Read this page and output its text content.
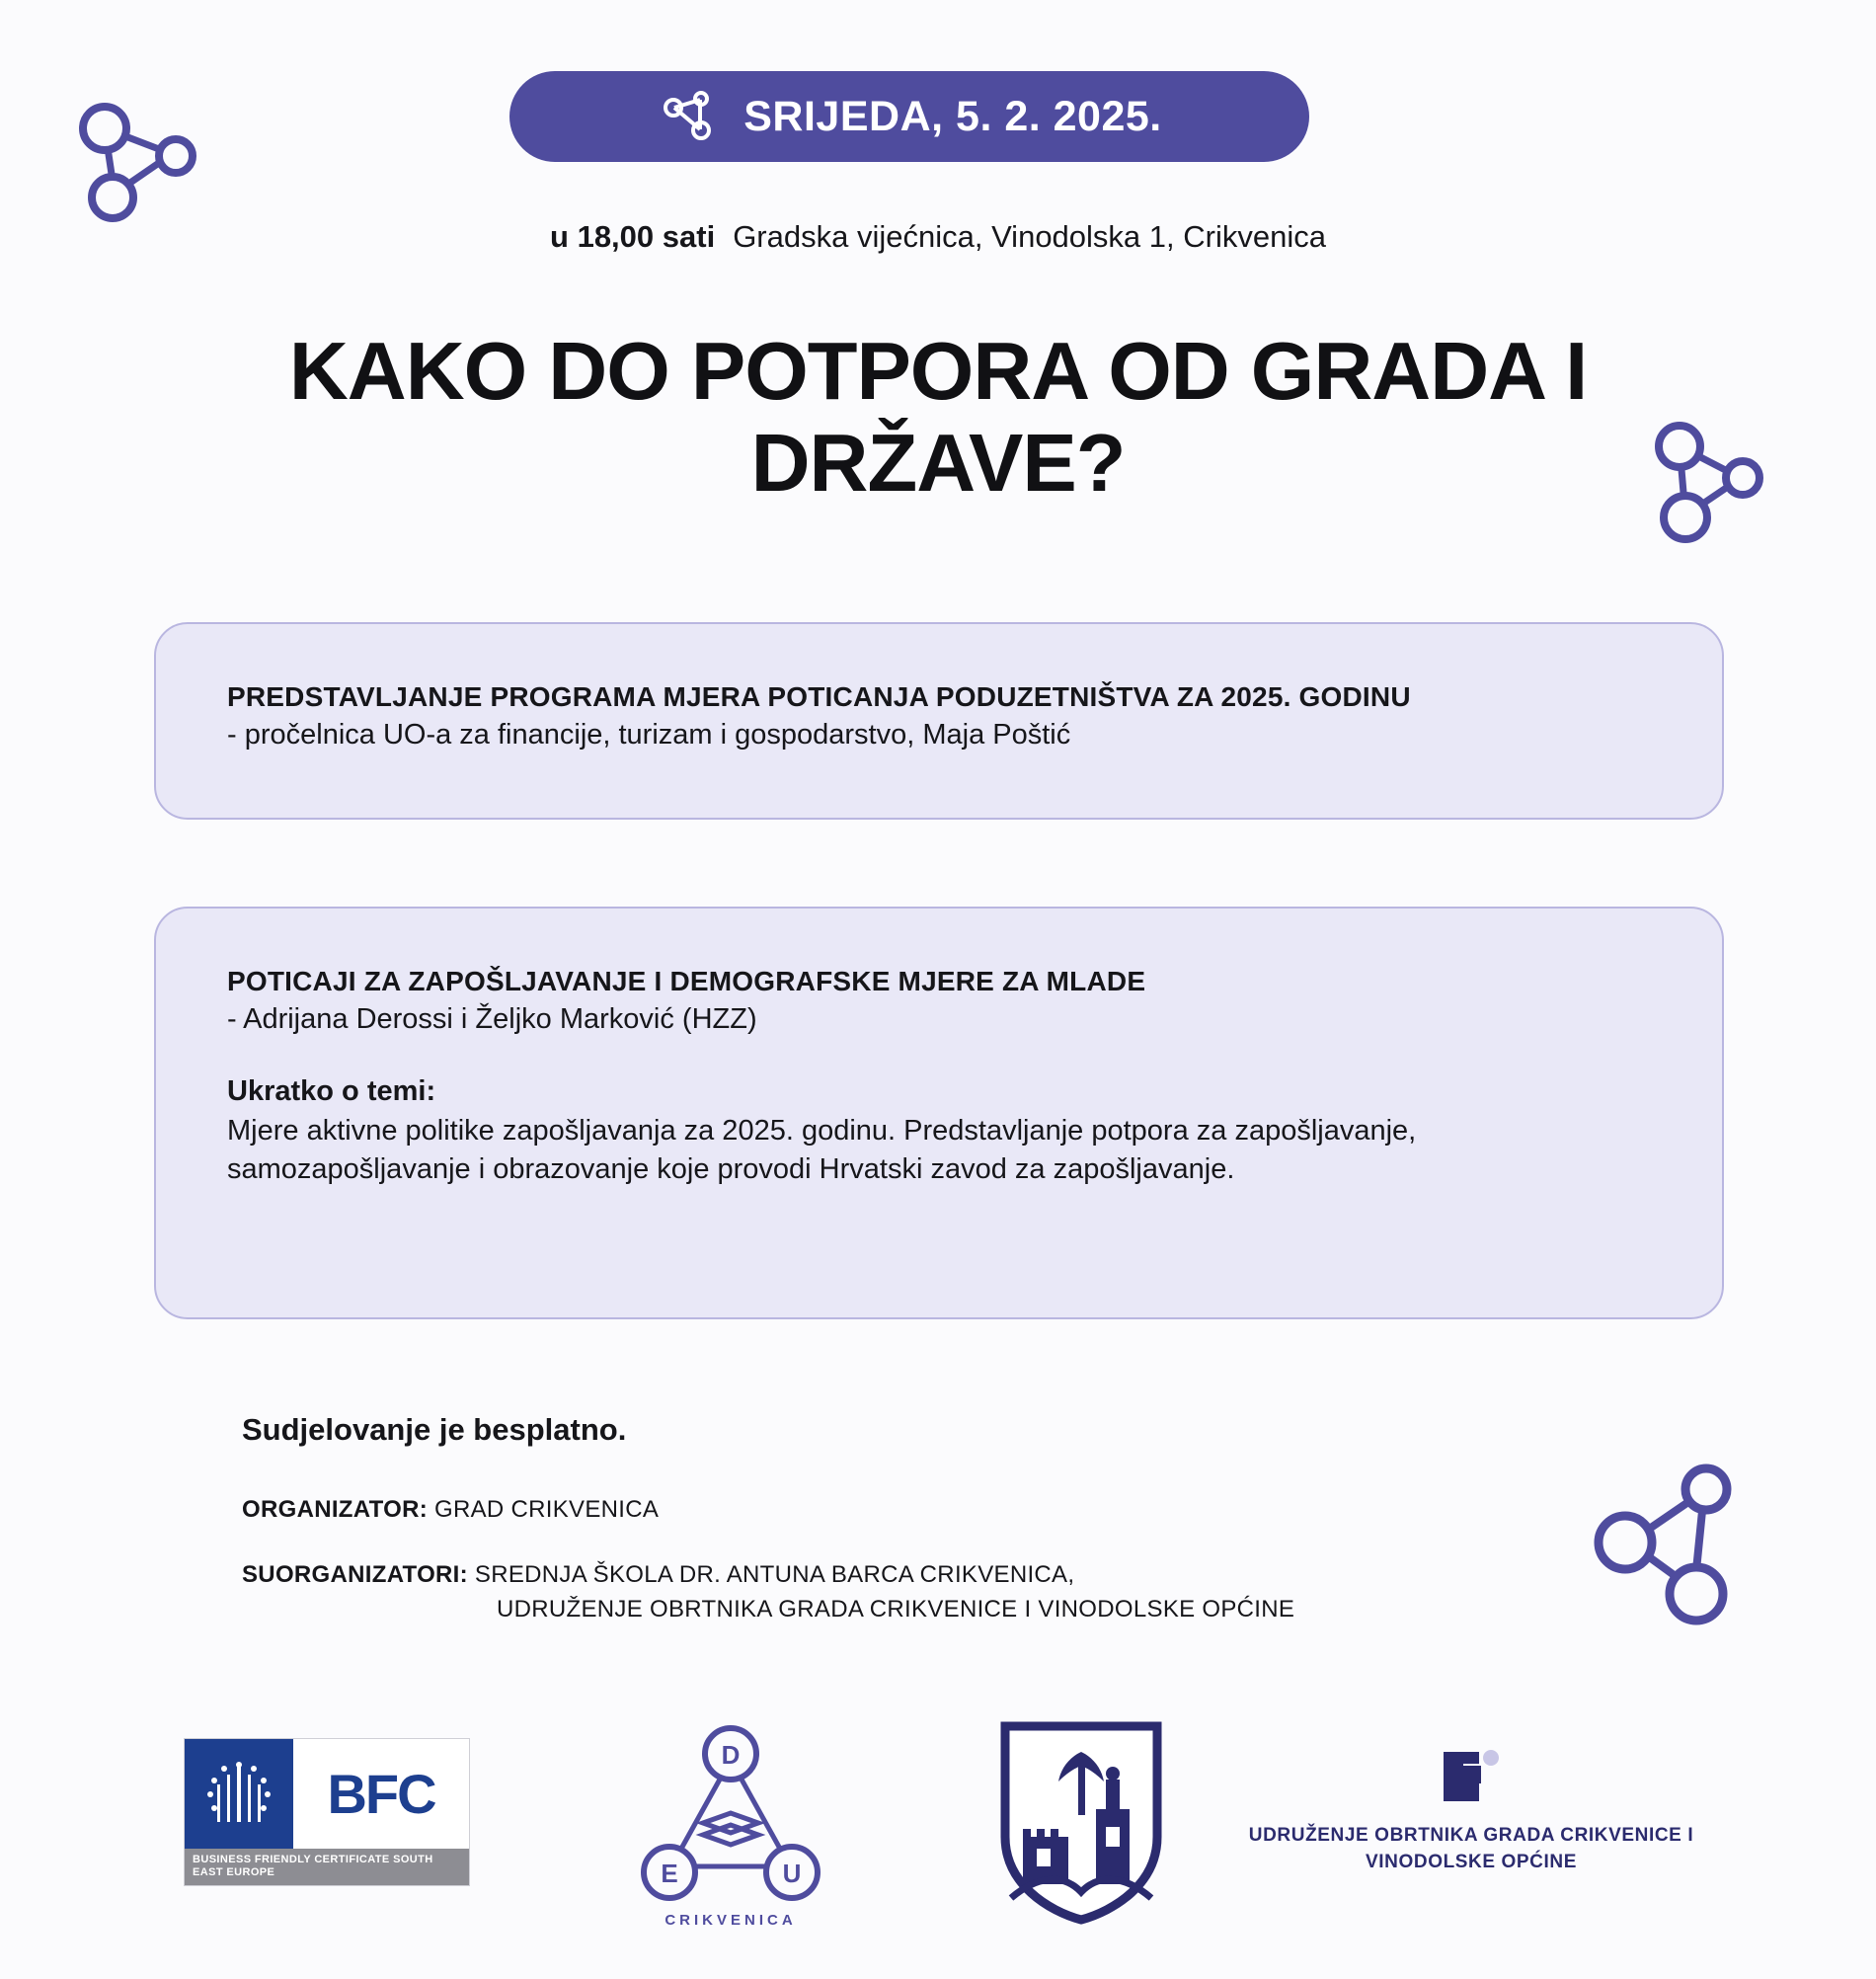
SRIJEDA, 5. 2. 2025.
u 18,00 sati Gradska vijećnica, Vinodolska 1, Crikvenica
KAKO DO POTPORA OD GRADA I DRŽAVE?
PREDSTAVLJANJE PROGRAMA MJERA POTICANJA PODUZETNIŠTVA ZA 2025. GODINU

- pročelnica UO-a za financije, turizam i gospodarstvo, Maja Poštić

POTICAJI ZA ZAPOŠLJAVANJE I DEMOGRAFSKE MJERE ZA MLADE

- Adrijana Derossi i Željko Marković (HZZ)

Ukratko o temi:

Mjere aktivne politike zapošljavanja za 2025. godinu. Predstavljanje potpora za zapošljavanje, samozapošljavanje i obrazovanje koje provodi Hrvatski zavod za zapošljavanje.

Sudjelovanje je besplatno.
ORGANIZATOR: GRAD CRIKVENICA
SUORGANIZATORI: SREDNJA ŠKOLA DR. ANTUNA BARCA CRIKVENICA,
UDRUŽENJE OBRTNIKA GRADA CRIKVENICE I VINODOLSKE OPĆINE
BFC
BUSINESS FRIENDLY CERTIFICATE SOUTH EAST EUROPE
D
E	U
CRIKVENICA
UDRUŽENJE OBRTNIKA GRADA CRIKVENICE I VINODOLSKE OPĆINE
